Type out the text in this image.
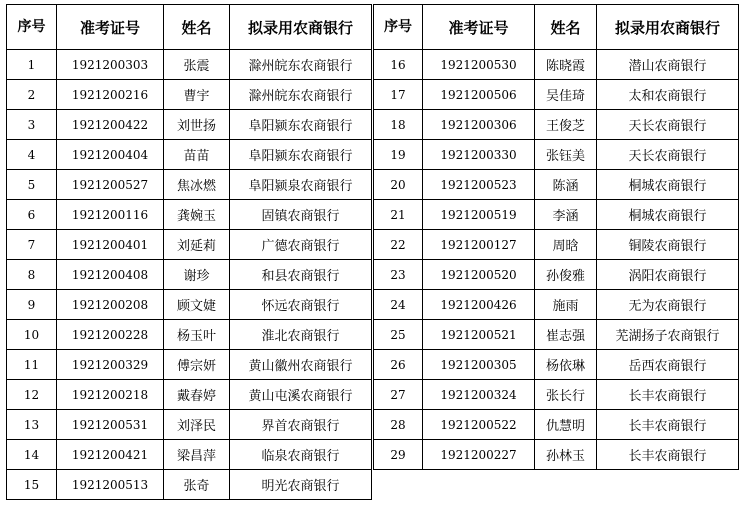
序号	准考证号	姓名	拟录用农商银行
1	1921200303	张震	滁州皖东农商银行
2	1921200216	曹宇	滁州皖东农商银行
3	1921200422	刘世扬	阜阳颍东农商银行
4	1921200404	苗苗	阜阳颍东农商银行
5	1921200527	焦冰燃	阜阳颍泉农商银行
6	1921200116	龚婉玉	固镇农商银行
7	1921200401	刘延莉	广德农商银行
8	1921200408	谢珍	和县农商银行
9	1921200208	顾文婕	怀远农商银行
10	1921200228	杨玉叶	淮北农商银行
11	1921200329	傅宗妍	黄山徽州农商银行
12	1921200218	戴春婷	黄山屯溪农商银行
13	1921200531	刘泽民	界首农商银行
14	1921200421	梁昌萍	临泉农商银行
15	1921200513	张奇	明光农商银行
序号	准考证号	姓名	拟录用农商银行
16	1921200530	陈晓霞	潜山农商银行
17	1921200506	吴佳琦	太和农商银行
18	1921200306	王俊芝	天长农商银行
19	1921200330	张钰美	天长农商银行
20	1921200523	陈涵	桐城农商银行
21	1921200519	李涵	桐城农商银行
22	1921200127	周晗	铜陵农商银行
23	1921200520	孙俊雅	涡阳农商银行
24	1921200426	施雨	无为农商银行
25	1921200521	崔志强	芜湖扬子农商银行
26	1921200305	杨依琳	岳西农商银行
27	1921200324	张长行	长丰农商银行
28	1921200522	仇慧明	长丰农商银行
29	1921200227	孙林玉	长丰农商银行
